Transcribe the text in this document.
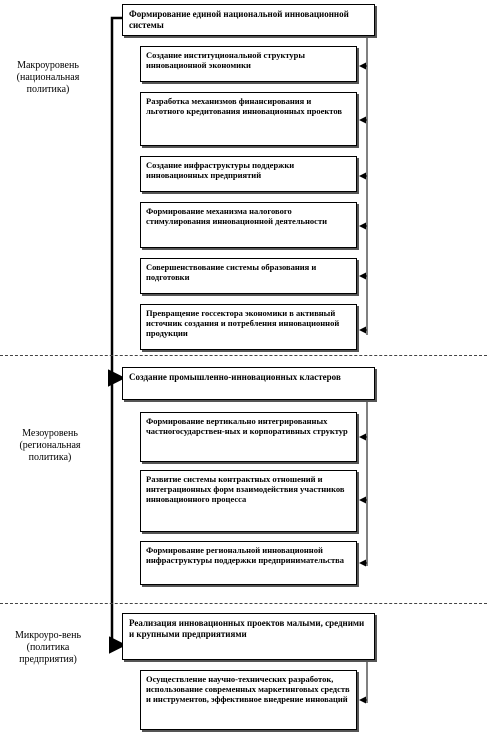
Макроуровень (национальная политика)
Мезоуровень (региональная политика)
Микроуро-вень (политика предприятия)
Формирование единой национальной инновационной системы
Создание институциональной структуры инновационной экономики
Разработка механизмов финансирования и льготного кредитования инновационных проектов
Создание инфраструктуры поддержки инновационных предприятий
Формирование механизма налогового стимулирования инновационной деятельности
Совершенствование системы образования и подготовки
Превращение госсектора экономики в активный источник создания и потребления инновационной продукции
Создание промышленно-инновационных кластеров
Формирование вертикально интегрированных частногосударствен-ных и корпоративных структур
Развитие системы контрактных отношений и интеграционных форм взаимодействия участников инновационного процесса
Формирование региональной инновационной инфраструктуры поддержки предпринимательства
Реализация инновационных проектов малыми, средними и крупными предприятиями
Осуществление научно-технических разработок, использование современных маркетинговых средств и инструментов, эффективное внедрение инноваций
